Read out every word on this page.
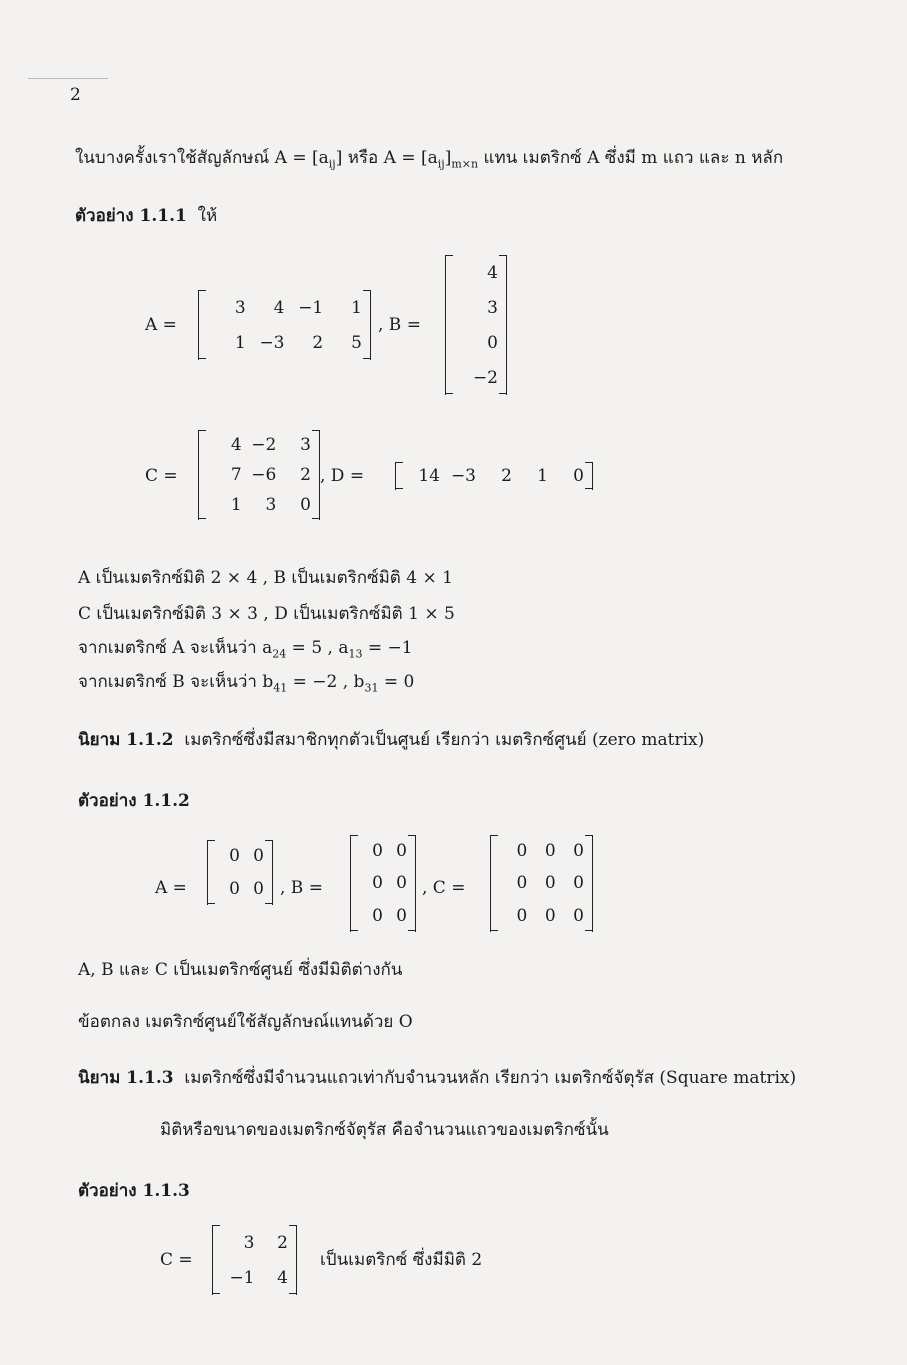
2
ในบางครั้งเราใช้สัญลักษณ์ $A = [a_{ij}]$ หรือ $A = [a_{ij}]_{m\times n}$ แทน เมตริกซ์ A ซึ่งมี m แถว และ n หลัก
ตัวอย่าง 1.1.1 ให้
A =
3	4 −1	1
1 −3	2	5
, B =
4
3
0
−2
C =
4 −2	3
7 −6	2
1	3	0
, D =	14 −3	2	1	0
A เป็นเมตริกซ์มิติ 2 × 4 , B เป็นเมตริกซ์มิติ 4 × 1
C เป็นเมตริกซ์มิติ 3 × 3 , D เป็นเมตริกซ์มิติ 1 × 5
จากเมตริกซ์ A จะเห็นว่า $a_{24} = 5$ , $a_{13} = -1$
จากเมตริกซ์ B จะเห็นว่า $b_{41} = -2$ , $b_{31} = 0$
นิยาม 1.1.2 เมตริกซ์ซึ่งมีสมาชิกทุกตัวเป็นศูนย์ เรียกว่า เมตริกซ์ศูนย์ (zero matrix)
ตัวอย่าง 1.1.2
A =
0 0
0 0 , B =
0 0
0 0
0 0
, C =
0	0	0
0	0	0
0	0	0
A, B และ C เป็นเมตริกซ์ศูนย์ ซึ่งมีมิติต่างกัน
ข้อตกลง เมตริกซ์ศูนย์ใช้สัญลักษณ์แทนด้วย O
นิยาม 1.1.3 เมตริกซ์ซึ่งมีจำนวนแถวเท่ากับจำนวนหลัก เรียกว่า เมตริกซ์จัตุรัส (Square matrix)
มิติหรือขนาดของเมตริกซ์จัตุรัส คือจำนวนแถวของเมตริกซ์นั้น
ตัวอย่าง 1.1.3
C =
3	2
−1	4
เป็นเมตริกซ์ ซึ่งมีมิติ 2
